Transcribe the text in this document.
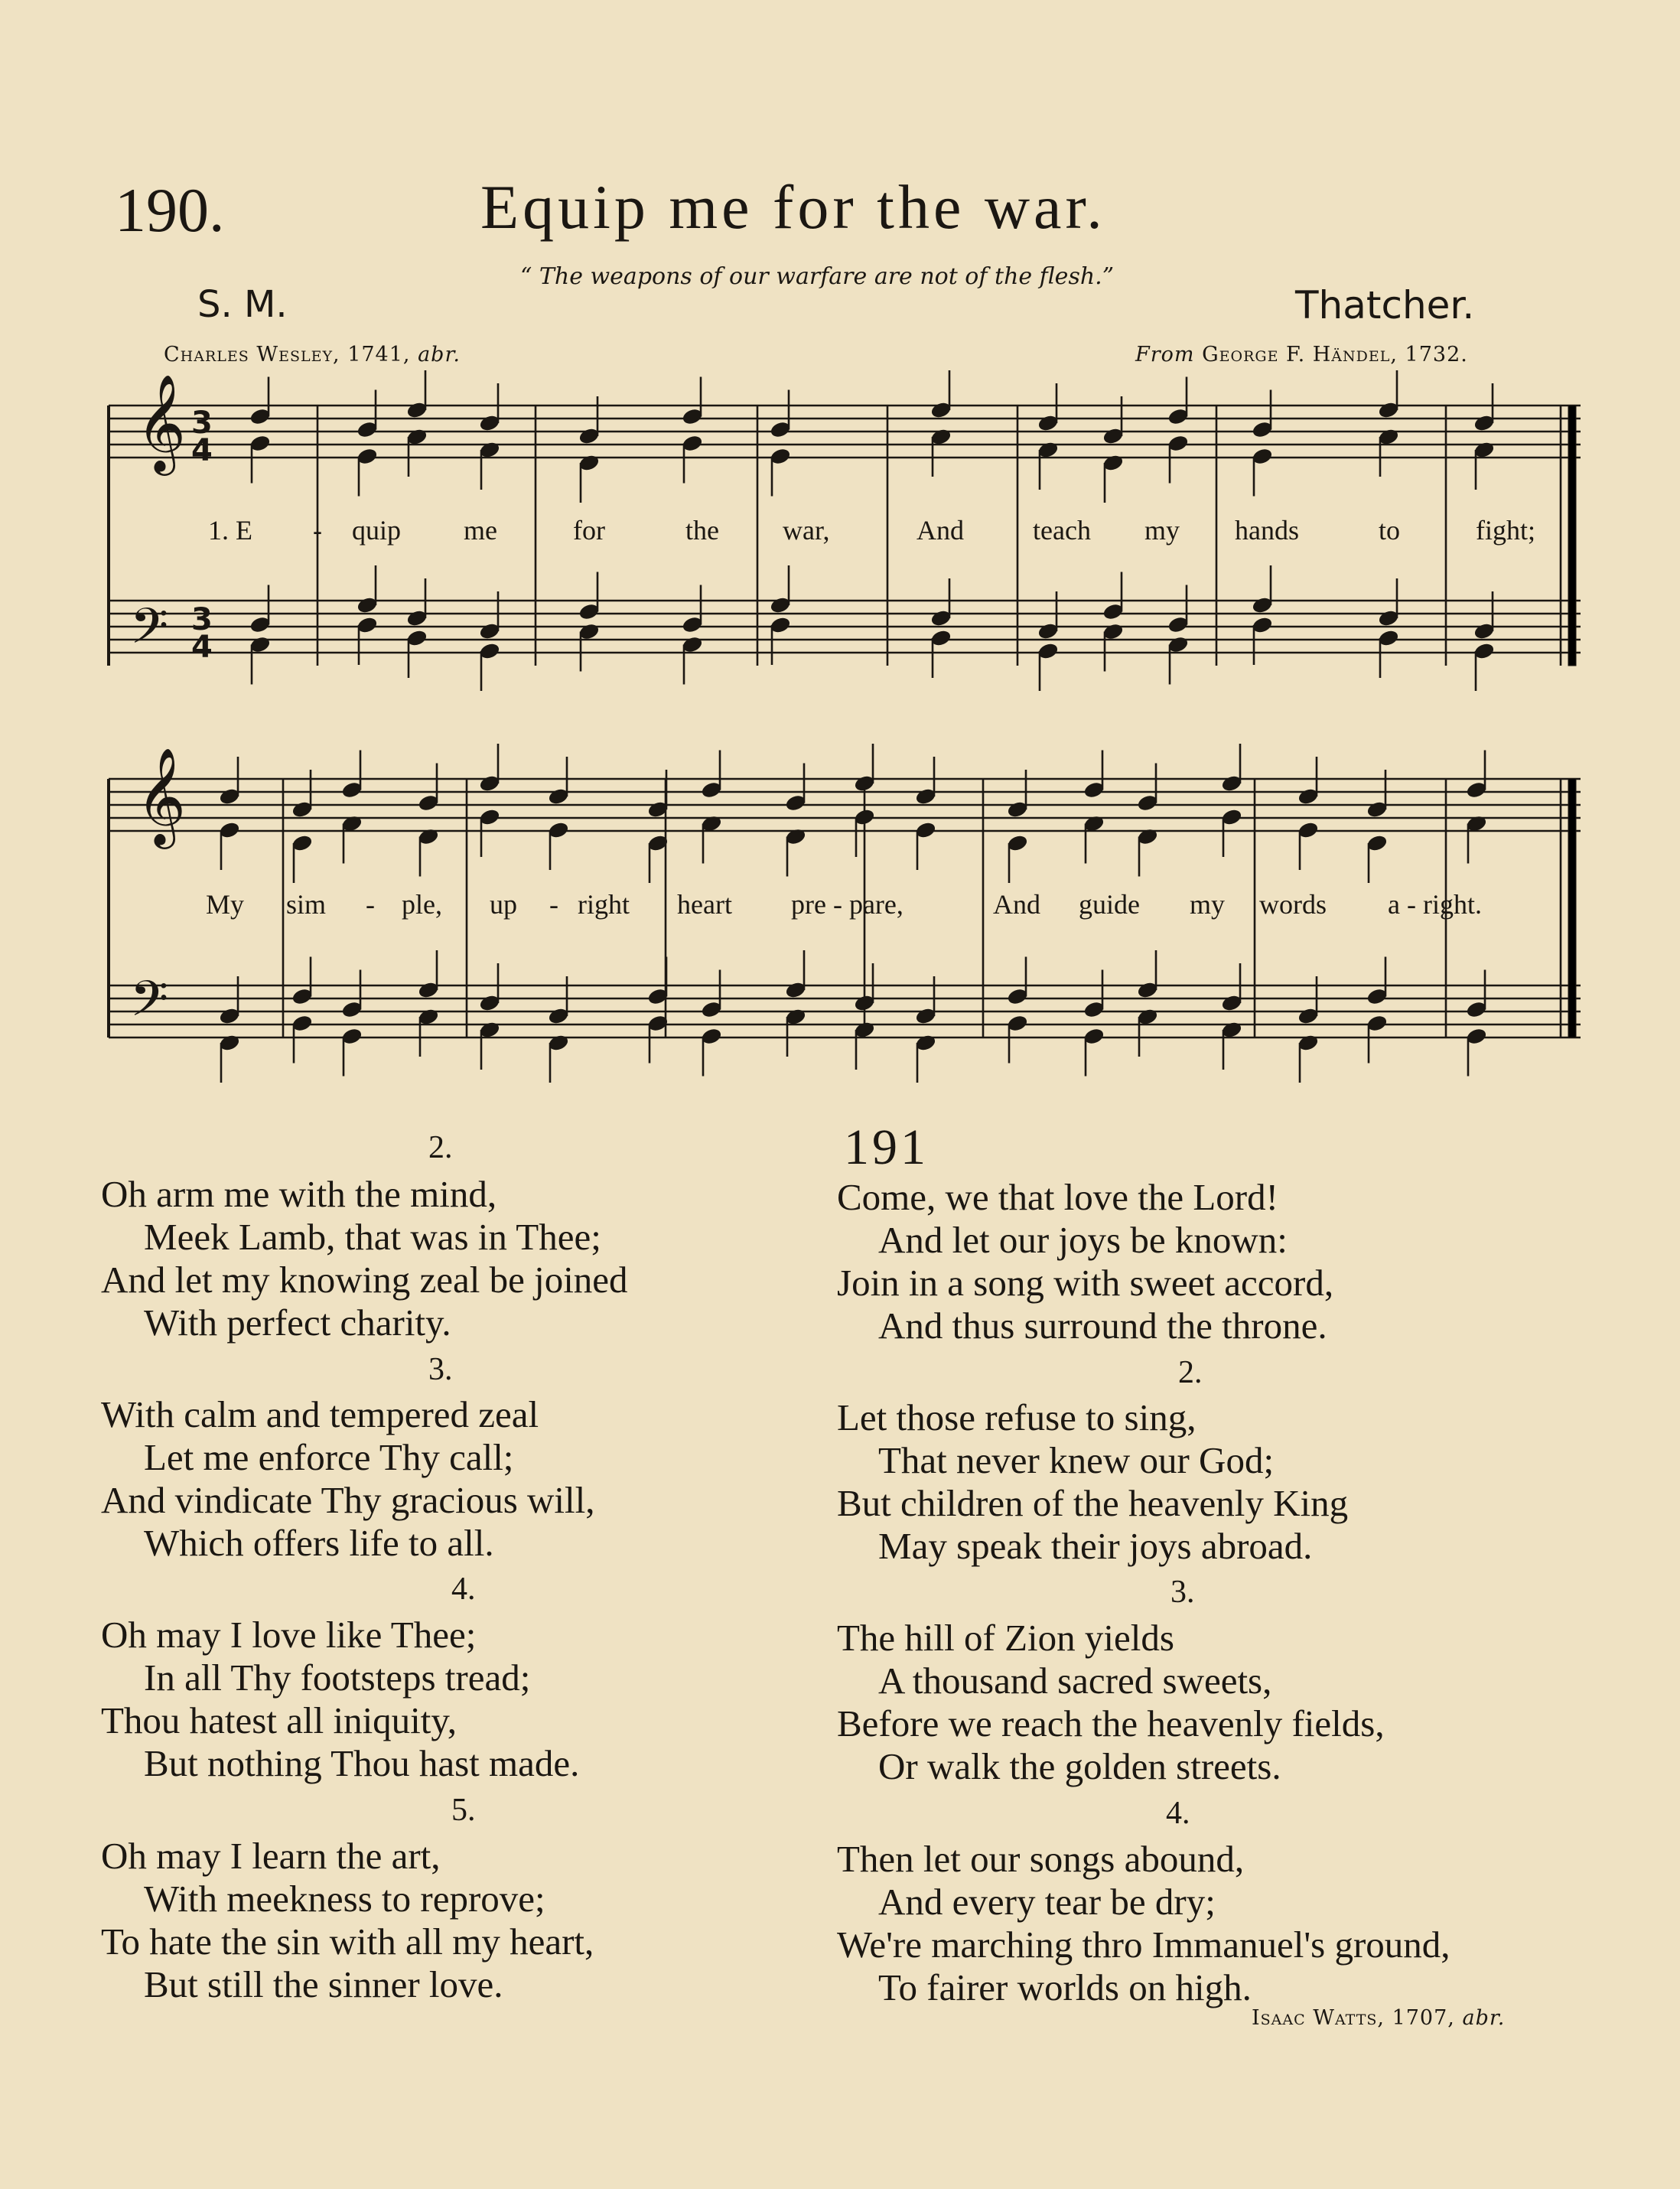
190.	Equip me for the war.
“ The weapons of our warfare are not of the flesh.”
S. M.	Thatcher.
Charles Wesley, 1741, abr.	From George F. Händel, 1732.
𝄞
𝄞
𝄢
𝄢
3
4
3
4
1. E - quip me	for	the war,	And	teach my hands	to	fight;
My sim - ple, up - right heart pre - pare,	And guide my words a - right.
2.
Oh arm me with the mind,
Meek Lamb, that was in Thee;
And let my knowing zeal be joined
With perfect charity.
3.
With calm and tempered zeal
Let me enforce Thy call;
And vindicate Thy gracious will,
Which offers life to all.
4.
Oh may I love like Thee;
In all Thy footsteps tread;
Thou hatest all iniquity,
But nothing Thou hast made.
5.
Oh may I learn the art,
With meekness to reprove;
To hate the sin with all my heart,
But still the sinner love.
191
Come, we that love the Lord!
And let our joys be known:
Join in a song with sweet accord,
And thus surround the throne.
2.
Let those refuse to sing,
That never knew our God;
But children of the heavenly King
May speak their joys abroad.
3.
The hill of Zion yields
A thousand sacred sweets,
Before we reach the heavenly fields,
Or walk the golden streets.
4.
Then let our songs abound,
And every tear be dry;
We're marching thro Immanuel's ground,
To fairer worlds on high.
Isaac Watts, 1707, abr.
